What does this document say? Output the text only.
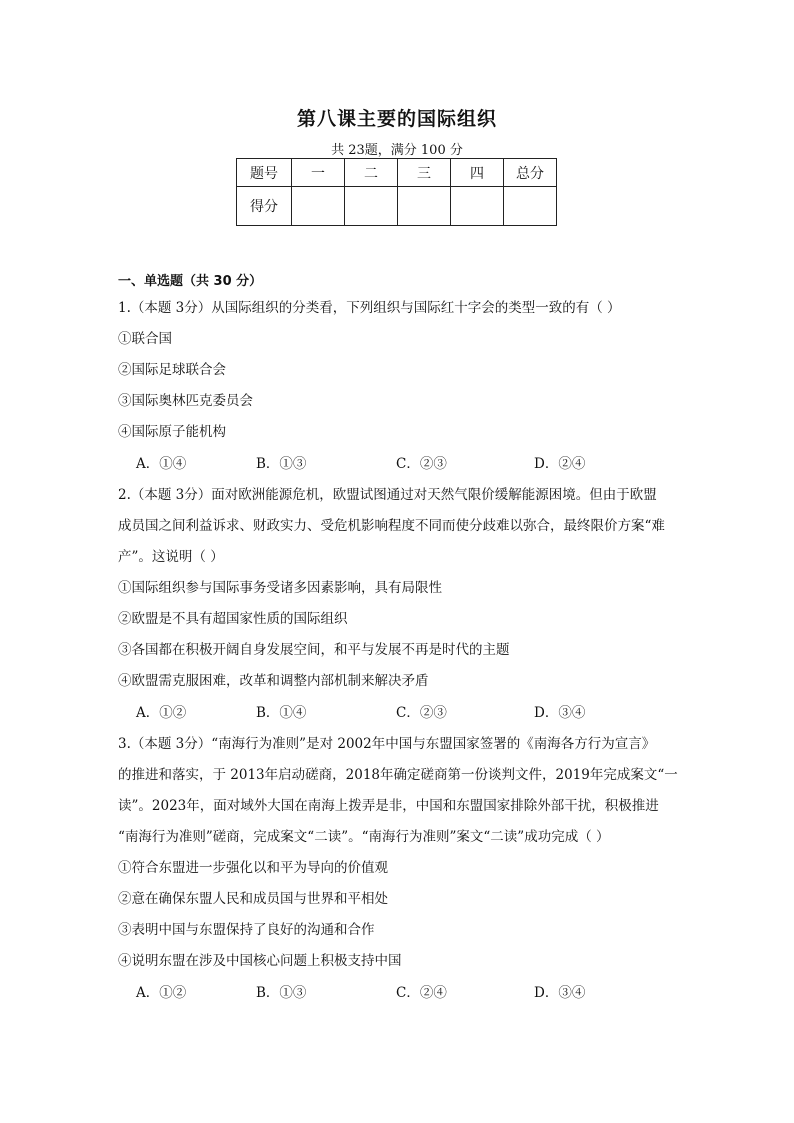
第八课主要的国际组织
共 23题，满分 100 分
题号	一	二	三	四	总分
得分					
一、单选题（共 30 分）
1.（本题 3分）从国际组织的分类看，下列组织与国际红十字会的类型一致的有（ ）
①联合国
②国际足球联合会
③国际奥林匹克委员会
④国际原子能机构
A．①④	B．①③	C．②③	D．②④
2.（本题 3分）面对欧洲能源危机，欧盟试图通过对天然气限价缓解能源困境。但由于欧盟
成员国之间利益诉求、财政实力、受危机影响程度不同而使分歧难以弥合，最终限价方案“难
产”。这说明（ ）
①国际组织参与国际事务受诸多因素影响，具有局限性
②欧盟是不具有超国家性质的国际组织
③各国都在积极开阔自身发展空间，和平与发展不再是时代的主题
④欧盟需克服困难，改革和调整内部机制来解决矛盾
A．①②	B．①④	C．②③	D．③④
3.（本题 3分）“南海行为准则”是对 2002年中国与东盟国家签署的《南海各方行为宣言》
的推进和落实，于 2013年启动磋商，2018年确定磋商第一份谈判文件，2019年完成案文“一
读”。2023年，面对域外大国在南海上拨弄是非，中国和东盟国家排除外部干扰，积极推进
“南海行为准则”磋商，完成案文“二读”。“南海行为准则”案文“二读”成功完成（ ）
①符合东盟进一步强化以和平为导向的价值观
②意在确保东盟人民和成员国与世界和平相处
③表明中国与东盟保持了良好的沟通和合作
④说明东盟在涉及中国核心问题上积极支持中国
A．①②	B．①③	C．②④	D．③④
